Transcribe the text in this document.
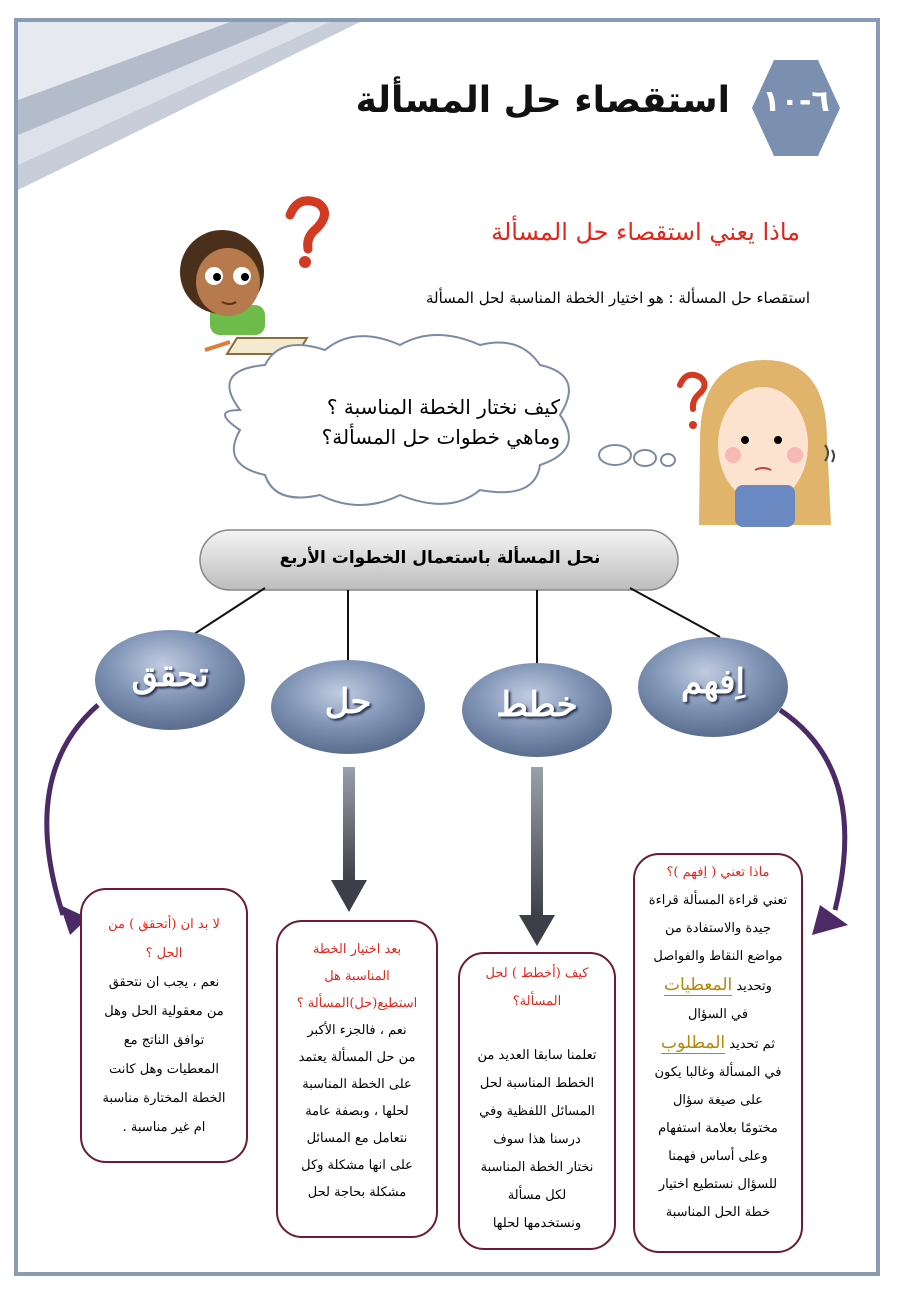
٦-١٠
استقصاء حل المسألة
ماذا يعني استقصاء حل المسألة
استقصاء حل المسألة : هو اختيار الخطة المناسبة لحل المسألة
كيف نختار الخطة المناسبة ؟
وماهي خطوات حل المسألة؟
نحل المسألة باستعمال الخطوات الأربع
اِفهم
خطط
حل
تحقق
ماذا تعني ( اِفهم )؟
تعني قراءة المسألة قراءة
جيدة والاستفادة من
مواضع النقاط والفواصل
وتحديد المعطيات
في السؤال
ثم تحديد المطلوب
في المسألة وغالبا يكون
على صيغة سؤال
مختومًا بعلامة استفهام
وعلى أساس فهمنا
للسؤال نستطيع اختيار
خطة الحل المناسبة
كيف (أخطط ) لحل
المسألة؟
تعلمنا سابقا العديد من
الخطط المناسبة لحل
المسائل اللفظية وفي
درسنا هذا سوف
نختار الخطة المناسبة
لكل مسألة
ونستخدمها لحلها
بعد اختيار الخطة
المناسبة هل
استطيع(حل)المسألة ؟
نعم ، فالجزء الأكبر
من حل المسألة يعتمد
على الخطة المناسبة
لحلها ، وبصفة عامة
نتعامل مع المسائل
على انها مشكلة وكل
مشكلة بحاجة لحل
لا بد ان (أتحقق ) من
الحل ؟
نعم ، يجب ان نتحقق
من معقولية الحل وهل
توافق الناتج مع
المعطيات وهل كانت
الخطة المختارة مناسبة
ام غير مناسبة .
